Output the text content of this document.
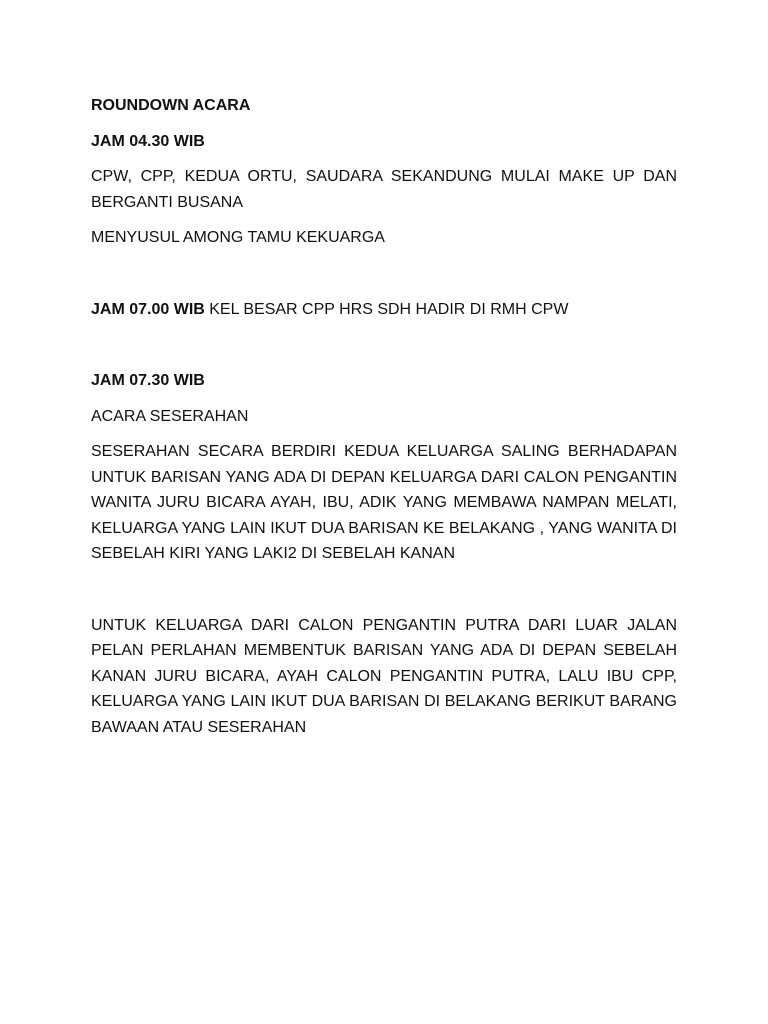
ROUNDOWN ACARA
JAM 04.30 WIB
CPW, CPP, KEDUA ORTU, SAUDARA SEKANDUNG MULAI MAKE UP DAN BERGANTI BUSANA
MENYUSUL AMONG TAMU KEKUARGA
JAM 07.00 WIB KEL BESAR CPP HRS SDH HADIR DI RMH CPW
JAM 07.30 WIB
ACARA SESERAHAN
SESERAHAN SECARA BERDIRI KEDUA KELUARGA SALING BERHADAPAN UNTUK BARISAN YANG ADA DI DEPAN KELUARGA DARI CALON PENGANTIN WANITA JURU BICARA AYAH, IBU, ADIK YANG MEMBAWA NAMPAN MELATI, KELUARGA YANG LAIN IKUT DUA BARISAN KE BELAKANG , YANG WANITA DI SEBELAH KIRI YANG LAKI2 DI SEBELAH KANAN
UNTUK KELUARGA DARI CALON PENGANTIN PUTRA DARI LUAR JALAN PELAN PERLAHAN MEMBENTUK BARISAN YANG ADA DI DEPAN SEBELAH KANAN JURU BICARA, AYAH CALON PENGANTIN PUTRA, LALU IBU CPP, KELUARGA YANG LAIN IKUT DUA BARISAN DI BELAKANG BERIKUT BARANG BAWAAN ATAU SESERAHAN
